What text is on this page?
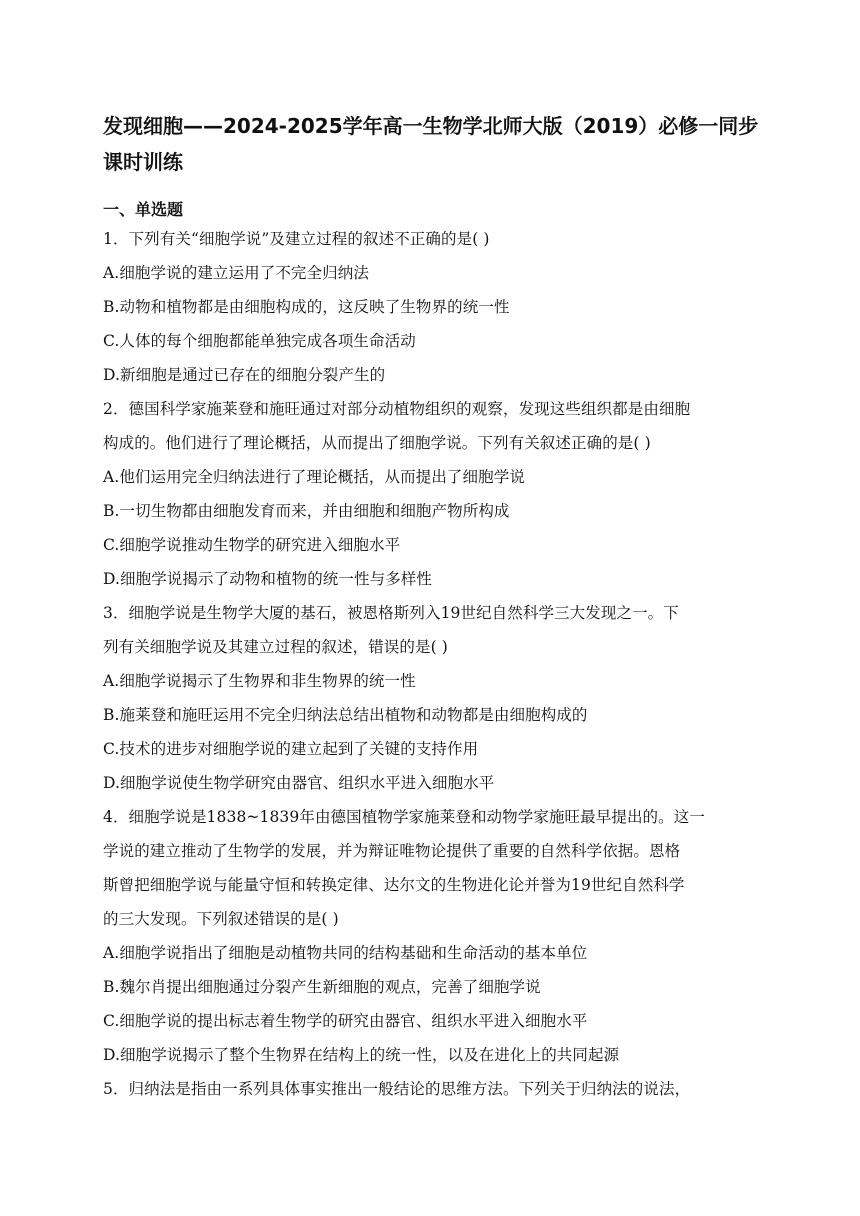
发现细胞——2024-2025学年高一生物学北师大版（2019）必修一同步课时训练
一、单选题
1．下列有关“细胞学说”及建立过程的叙述不正确的是( )
A.细胞学说的建立运用了不完全归纳法
B.动物和植物都是由细胞构成的，这反映了生物界的统一性
C.人体的每个细胞都能单独完成各项生命活动
D.新细胞是通过已存在的细胞分裂产生的
2．德国科学家施莱登和施旺通过对部分动植物组织的观察，发现这些组织都是由细胞
构成的。他们进行了理论概括，从而提出了细胞学说。下列有关叙述正确的是( )
A.他们运用完全归纳法进行了理论概括，从而提出了细胞学说
B.一切生物都由细胞发育而来，并由细胞和细胞产物所构成
C.细胞学说推动生物学的研究进入细胞水平
D.细胞学说揭示了动物和植物的统一性与多样性
3．细胞学说是生物学大厦的基石，被恩格斯列入19世纪自然科学三大发现之一。下
列有关细胞学说及其建立过程的叙述，错误的是( )
A.细胞学说揭示了生物界和非生物界的统一性
B.施莱登和施旺运用不完全归纳法总结出植物和动物都是由细胞构成的
C.技术的进步对细胞学说的建立起到了关键的支持作用
D.细胞学说使生物学研究由器官、组织水平进入细胞水平
4．细胞学说是1838~1839年由德国植物学家施莱登和动物学家施旺最早提出的。这一
学说的建立推动了生物学的发展，并为辩证唯物论提供了重要的自然科学依据。恩格
斯曾把细胞学说与能量守恒和转换定律、达尔文的生物进化论并誉为19世纪自然科学
的三大发现。下列叙述错误的是( )
A.细胞学说指出了细胞是动植物共同的结构基础和生命活动的基本单位
B.魏尔肖提出细胞通过分裂产生新细胞的观点，完善了细胞学说
C.细胞学说的提出标志着生物学的研究由器官、组织水平进入细胞水平
D.细胞学说揭示了整个生物界在结构上的统一性，以及在进化上的共同起源
5．归纳法是指由一系列具体事实推出一般结论的思维方法。下列关于归纳法的说法，
